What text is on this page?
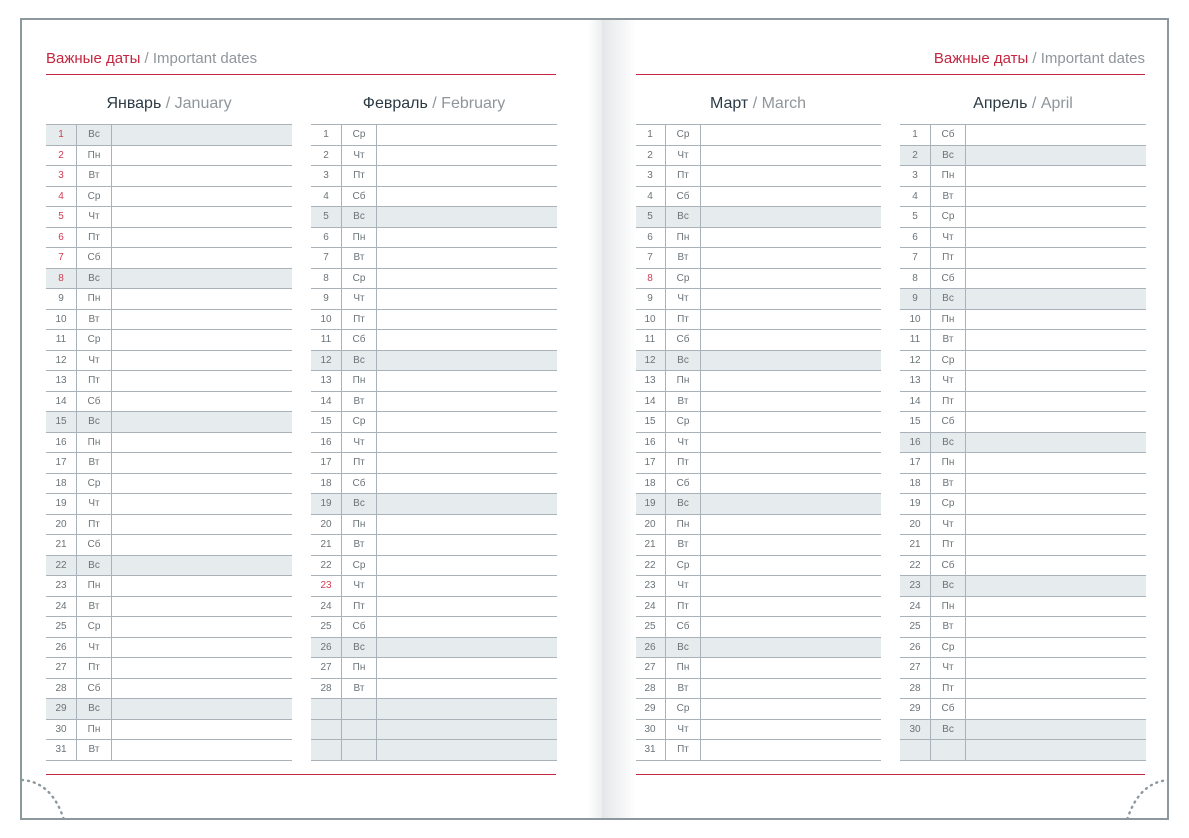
Важные даты / Important dates
Январь / January
1	Вс
2	Пн
3	Вт
4	Ср
5	Чт
6	Пт
7	Сб
8	Вс
9	Пн
10	Вт
11	Ср
12	Чт
13	Пт
14	Сб
15	Вс
16	Пн
17	Вт
18	Ср
19	Чт
20	Пт
21	Сб
22	Вс
23	Пн
24	Вт
25	Ср
26	Чт
27	Пт
28	Сб
29	Вс
30	Пн
31	Вт
Февраль / February
1	Ср
2	Чт
3	Пт
4	Сб
5	Вс
6	Пн
7	Вт
8	Ср
9	Чт
10	Пт
11	Сб
12	Вс
13	Пн
14	Вт
15	Ср
16	Чт
17	Пт
18	Сб
19	Вс
20	Пн
21	Вт
22	Ср
23	Чт
24	Пт
25	Сб
26	Вс
27	Пн
28	Вт
Важные даты / Important dates
Март / March
1	Ср
2	Чт
3	Пт
4	Сб
5	Вс
6	Пн
7	Вт
8	Ср
9	Чт
10	Пт
11	Сб
12	Вс
13	Пн
14	Вт
15	Ср
16	Чт
17	Пт
18	Сб
19	Вс
20	Пн
21	Вт
22	Ср
23	Чт
24	Пт
25	Сб
26	Вс
27	Пн
28	Вт
29	Ср
30	Чт
31	Пт
Апрель / April
1	Сб
2	Вс
3	Пн
4	Вт
5	Ср
6	Чт
7	Пт
8	Сб
9	Вс
10	Пн
11	Вт
12	Ср
13	Чт
14	Пт
15	Сб
16	Вс
17	Пн
18	Вт
19	Ср
20	Чт
21	Пт
22	Сб
23	Вс
24	Пн
25	Вт
26	Ср
27	Чт
28	Пт
29	Сб
30	Вс
